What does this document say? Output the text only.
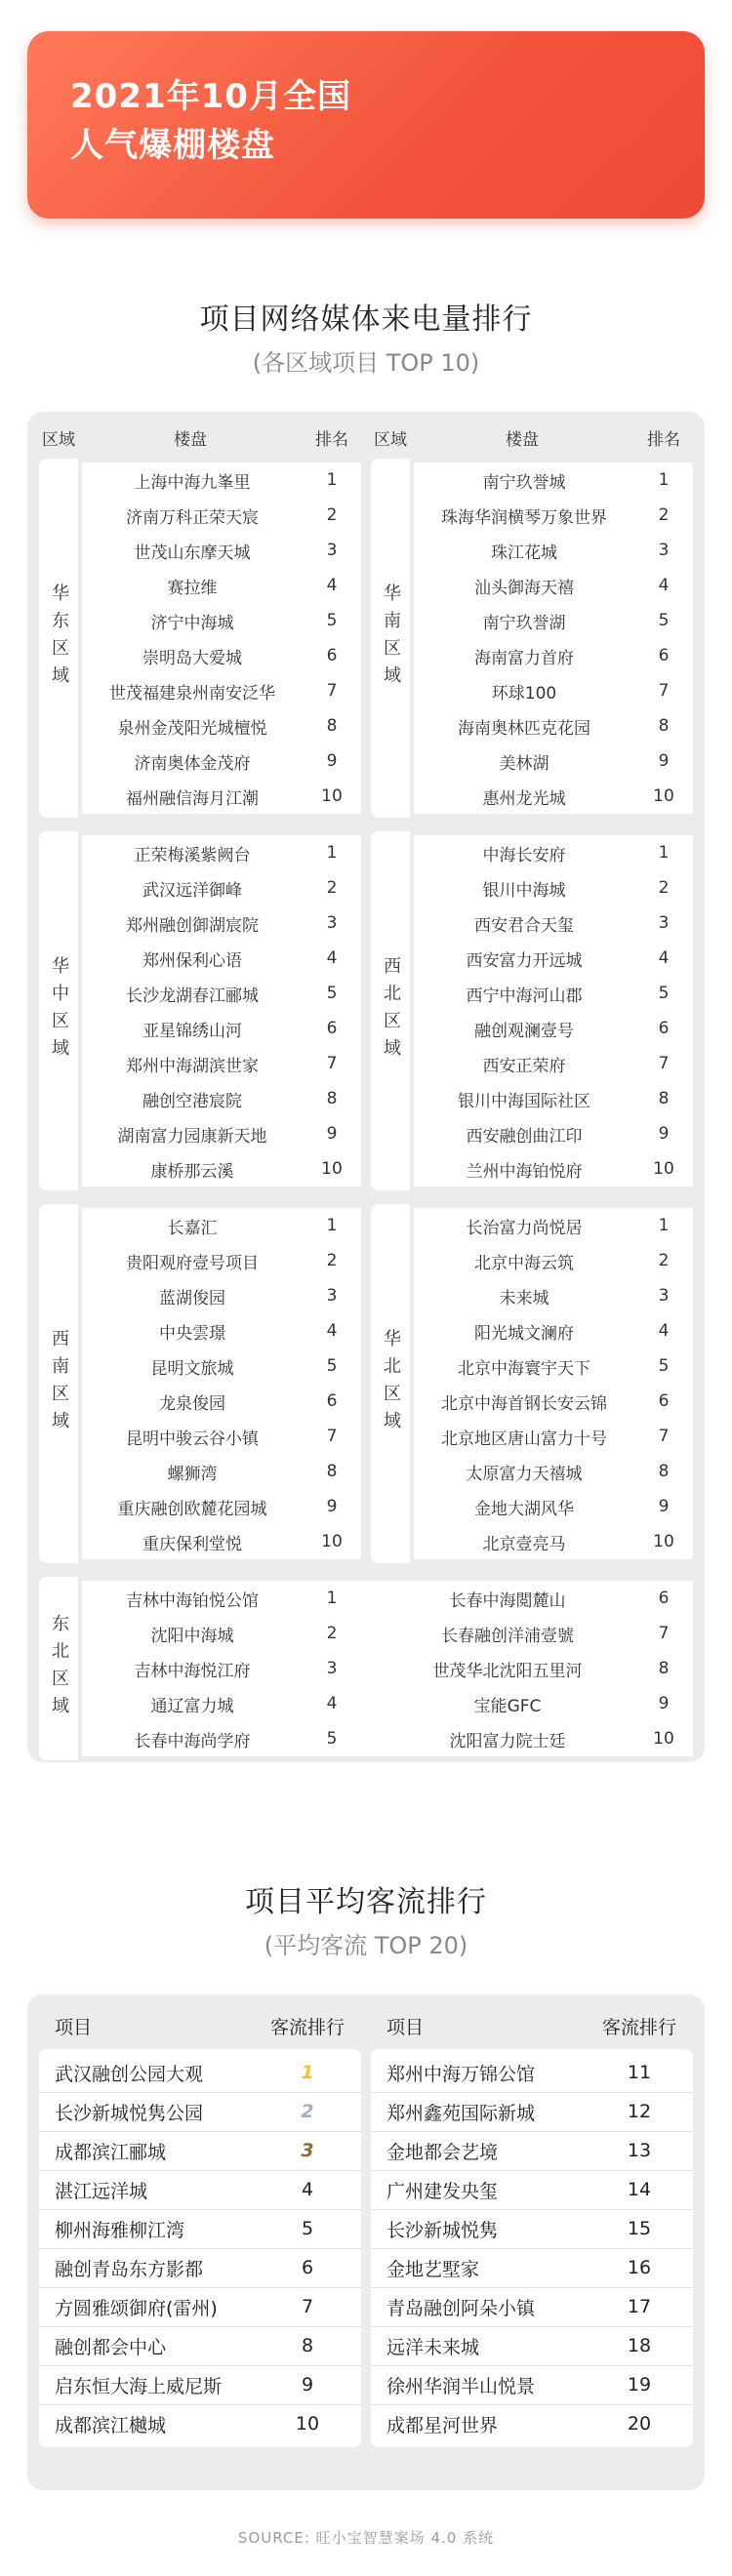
2021年10月全国
人气爆棚楼盘
项目网络媒体来电量排行
(各区域项目 TOP 10)
区域	楼盘	排名	区域	楼盘	排名
华东区域
上海中海九峯里	1
济南万科正荣天宸	2
世茂山东摩天城	3
赛拉维	4
济宁中海城	5
崇明岛大爱城	6
世茂福建泉州南安泛华	7
泉州金茂阳光城檀悦	8
济南奥体金茂府	9
福州融信海月江潮	10
华南区域
南宁玖誉城	1
珠海华润横琴万象世界	2
珠江花城	3
汕头御海天禧	4
南宁玖誉湖	5
海南富力首府	6
环球100	7
海南奥林匹克花园	8
美林湖	9
惠州龙光城	10
华中区域
正荣梅溪紫阙台	1
武汉远洋御峰	2
郑州融创御湖宸院	3
郑州保利心语	4
长沙龙湖春江郦城	5
亚星锦绣山河	6
郑州中海湖滨世家	7
融创空港宸院	8
湖南富力园康新天地	9
康桥那云溪	10
西北区域
中海长安府	1
银川中海城	2
西安君合天玺	3
西安富力开远城	4
西宁中海河山郡	5
融创观澜壹号	6
西安正荣府	7
银川中海国际社区	8
西安融创曲江印	9
兰州中海铂悦府	10
西南区域
长嘉汇	1
贵阳观府壹号项目	2
蓝湖俊园	3
中央雲璟	4
昆明文旅城	5
龙泉俊园	6
昆明中骏云谷小镇	7
螺狮湾	8
重庆融创欧麓花园城	9
重庆保利堂悦	10
华北区域
长治富力尚悦居	1
北京中海云筑	2
未来城	3
阳光城文澜府	4
北京中海寰宇天下	5
北京中海首钢长安云锦	6
北京地区唐山富力十号	7
太原富力天禧城	8
金地大湖风华	9
北京壹亮马	10
东北区域
吉林中海铂悦公馆	1	长春中海閲麓山	6
沈阳中海城	2	长春融创洋浦壹號	7
吉林中海悦江府	3	世茂华北沈阳五里河	8
通辽富力城	4	宝能GFC	9
长春中海尚学府	5	沈阳富力院士廷	10
项目平均客流排行
(平均客流 TOP 20)
项目	客流排行
武汉融创公园大观	1
长沙新城悦隽公园	2
成都滨江郦城	3
湛江远洋城	4
柳州海雅柳江湾	5
融创青岛东方影都	6
方圆雅颂御府(雷州)	7
融创都会中心	8
启东恒大海上威尼斯	9
成都滨江樾城	10
项目	客流排行
郑州中海万锦公馆	11
郑州鑫苑国际新城	12
金地都会艺境	13
广州建发央玺	14
长沙新城悦隽	15
金地艺墅家	16
青岛融创阿朵小镇	17
远洋未来城	18
徐州华润半山悦景	19
成都星河世界	20
SOURCE: 旺小宝智慧案场 4.0 系统
